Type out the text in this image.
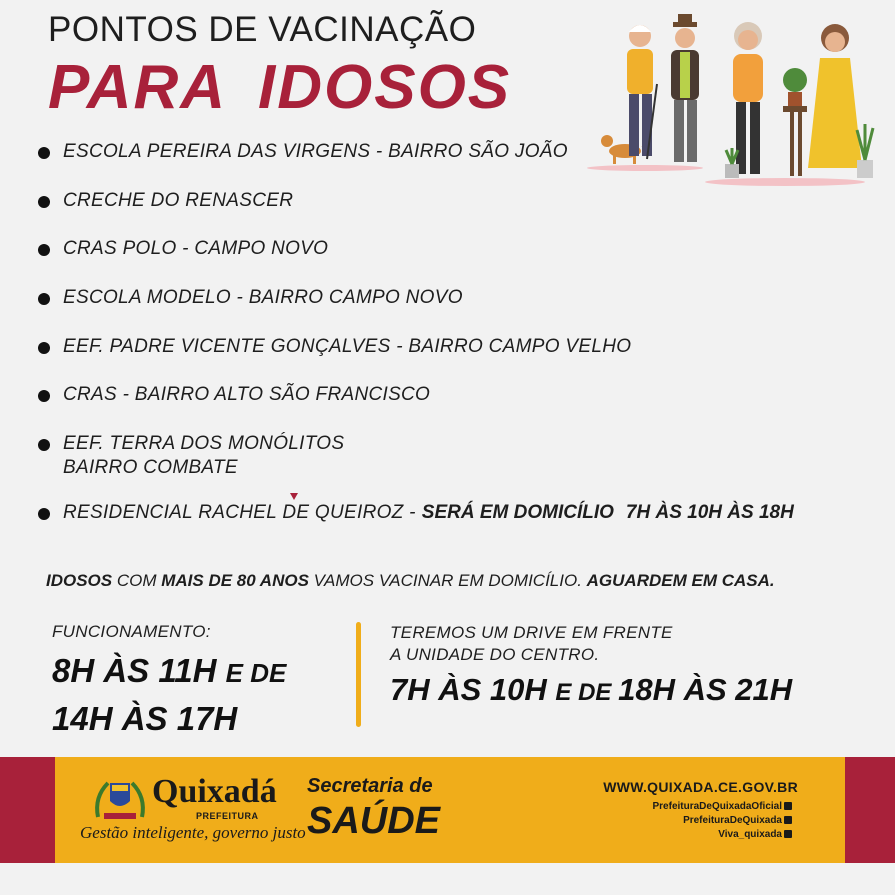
PONTOS DE VACINAÇÃO
PARA IDOSOS
ESCOLA PEREIRA DAS VIRGENS - BAIRRO SÃO JOÃO
CRECHE DO RENASCER
CRAS POLO - CAMPO NOVO
ESCOLA MODELO - BAIRRO CAMPO NOVO
EEF. PADRE VICENTE GONÇALVES - BAIRRO CAMPO VELHO
CRAS - BAIRRO ALTO SÃO FRANCISCO
EEF. TERRA DOS MONÓLITOS
BAIRRO COMBATE
RESIDENCIAL RACHEL DE QUEIROZ - SERÁ EM DOMICÍLIO 7H ÀS 10H ÀS 18H
IDOSOS COM MAIS DE 80 ANOS VAMOS VACINAR EM DOMICÍLIO. AGUARDEM EM CASA.
FUNCIONAMENTO:
8H ÀS 11H E DE
14H ÀS 17H
TEREMOS UM DRIVE EM FRENTE
A UNIDADE DO CENTRO.
7H ÀS 10H E DE 18H ÀS 21H
Quixadá
PREFEITURA
Gestão inteligente, governo justo
Secretaria de
SAÚDE
WWW.QUIXADA.CE.GOV.BR
PrefeituraDeQuixadaOficial
PrefeituraDeQuixada
Viva_quixada
